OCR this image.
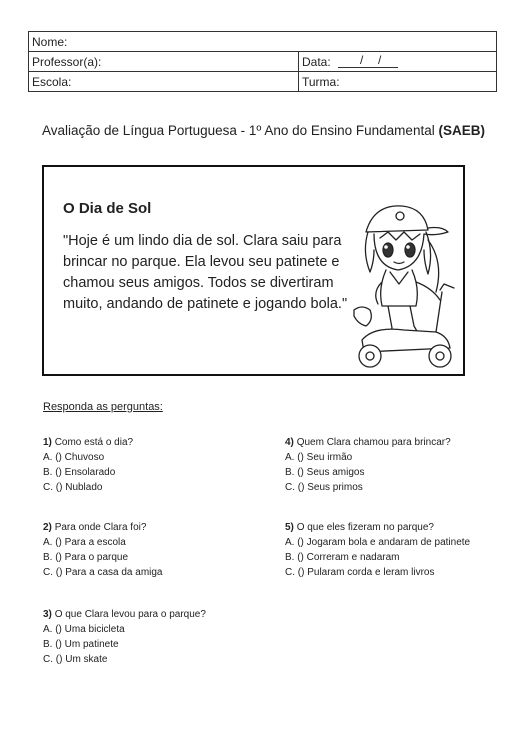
Nome:	
Professor(a):	Data: / /

Escola:	Turma:
Avaliação de Língua Portuguesa - 1º Ano do Ensino Fundamental (SAEB)
O Dia de Sol
"Hoje é um lindo dia de sol. Clara saiu para brincar no parque. Ela levou seu patinete e chamou seus amigos. Todos se divertiram muito, andando de patinete e jogando bola."
Responda as perguntas:
1) Como está o dia?
A. () Chuvoso
B. () Ensolarado
C. () Nublado
2) Para onde Clara foi?
A. () Para a escola
B. () Para o parque
C. () Para a casa da amiga
3) O que Clara levou para o parque?
A. () Uma bicicleta
B. () Um patinete
C. () Um skate
4) Quem Clara chamou para brincar?
A. () Seu irmão
B. () Seus amigos
C. () Seus primos
5) O que eles fizeram no parque?
A. () Jogaram bola e andaram de patinete
B. () Correram e nadaram
C. () Pularam corda e leram livros
